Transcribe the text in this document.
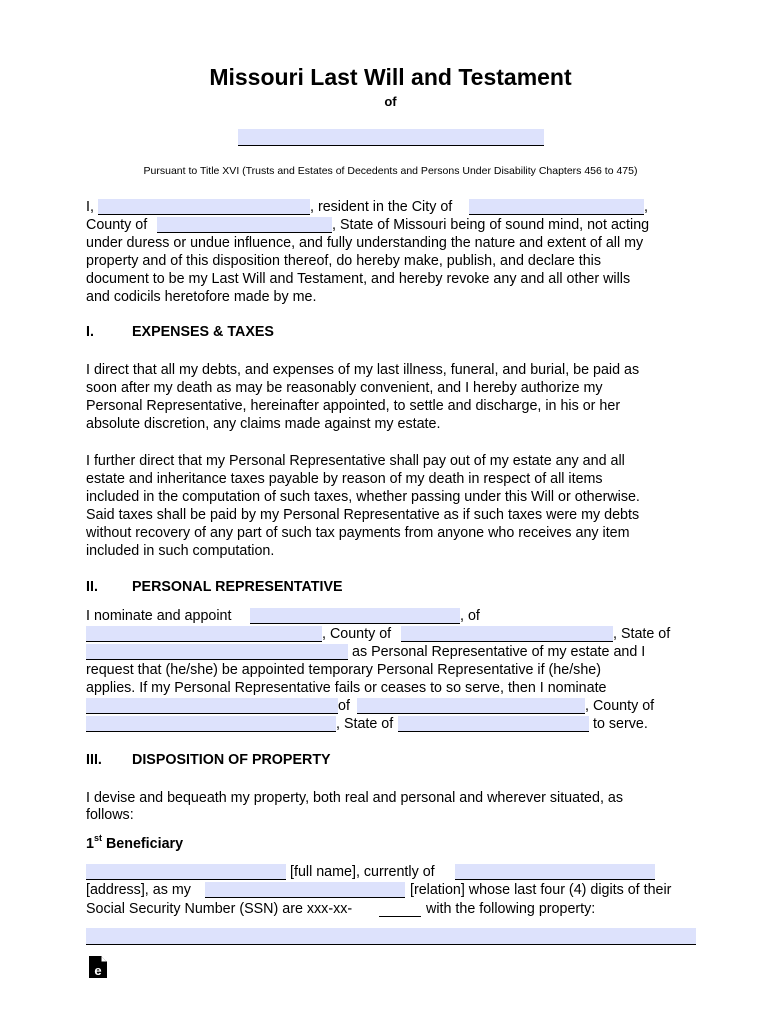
Missouri Last Will and Testament
of
Pursuant to Title XVI (Trusts and Estates of Decedents and Persons Under Disability Chapters 456 to 475)
I,	, resident in the City of	,
County of	, State of Missouri being of sound mind, not acting
under duress or undue influence, and fully understanding the nature and extent of all my
property and of this disposition thereof, do hereby make, publish, and declare this
document to be my Last Will and Testament, and hereby revoke any and all other wills
and codicils heretofore made by me.
I.	EXPENSES & TAXES
I direct that all my debts, and expenses of my last illness, funeral, and burial, be paid as
soon after my death as may be reasonably convenient, and I hereby authorize my
Personal Representative, hereinafter appointed, to settle and discharge, in his or her
absolute discretion, any claims made against my estate.
I further direct that my Personal Representative shall pay out of my estate any and all
estate and inheritance taxes payable by reason of my death in respect of all items
included in the computation of such taxes, whether passing under this Will or otherwise.
Said taxes shall be paid by my Personal Representative as if such taxes were my debts
without recovery of any part of such tax payments from anyone who receives any item
included in such computation.
II. PERSONAL REPRESENTATIVE
I nominate and appoint	, of
, County of	, State of
as Personal Representative of my estate and I
request that (he/she) be appointed temporary Personal Representative if (he/she)
applies. If my Personal Representative fails or ceases to so serve, then I nominate
of	, County of
, State of	to serve.
III. DISPOSITION OF PROPERTY
I devise and bequeath my property, both real and personal and wherever situated, as
follows:
1st Beneficiary
[full name], currently of
[address], as my	[relation] whose last four (4) digits of their
Social Security Number (SSN) are xxx-xx-	with the following property:
e
